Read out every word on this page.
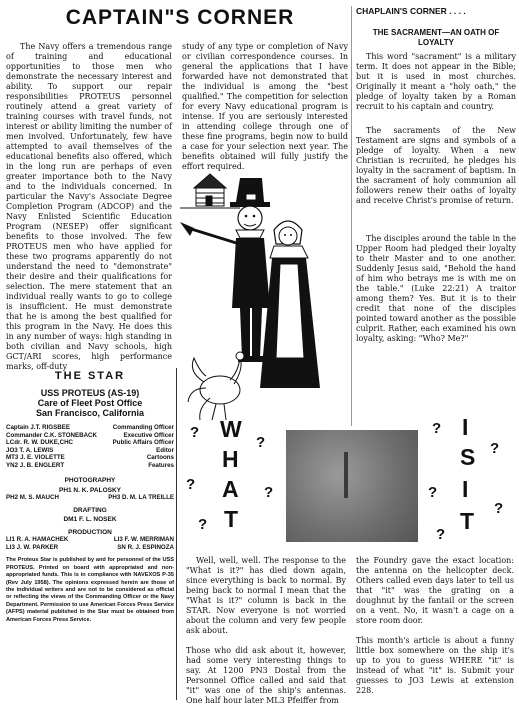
CAPTAIN"S CORNER

The Navy offers a tremendous range of training and educational opportunities to those men who demonstrate the necessary interest and ability. To support our repair responsibilities PROTEUS personnel routinely attend a great variety of training courses with travel funds, not interest or ability limiting the number of men involved. Unfortunately, few have attempted to avail themselves of the educational benefits also offered, which in the long run are perhaps of even greater importance both to the Navy and to the individuals concerned. In particular the Navy's Associate Degree Completion Program (ADCOP) and the Navy Enlisted Scientific Education Program (NESEP) offer significant benefits to those involved. The few PROTEUS men who have applied for these two programs apparently do not understand the need to "demonstrate" their desire and their qualifications for selection. The mere statement that an individual really wants to go to college is insufficient. He must demonstrate that he is among the best qualified for this program in the Navy. He does this in any number of ways: high standing in both civilian and Navy schools, high GCT/ARI scores, high performance marks, off-duty

study of any type or completion of Navy or civilian correspondence courses. In general the applications that I have forwarded have not demonstrated that the individual is among the "best qualified." The competition for selection for every Navy educational program is intense. If you are seriously interested in attending college through one of these fine programs, begin now to build a case for your selection next year. The benefits obtained will fully justify the effort required.

CHAPLAIN'S CORNER . . . .
THE SACRAMENT—AN OATH OF LOYALTY

This word "sacrament" is a military term. It does not appear in the Bible; but it is used in most churches. Originally it meant a "holy oath," the pledge of loyalty taken by a Roman recruit to his captain and country.

The sacraments of the New Testament are signs and symbols of a pledge of loyalty. When a new Christian is recruited, he pledges his loyalty in the sacrament of baptism. In the sacrament of holy communion all followers renew their oaths of loyalty and receive Christ's promise of return.

The disciples around the table in the Upper Room had pledged their loyalty to their Master and to one another. Suddenly Jesus said, "Behold the hand of him who betrays me is with me on the table." (Luke 22:21) A traitor among them? Yes. But it is to their credit that none of the disciples pointed toward another as the possible culprit. Rather, each examined his own loyalty, asking: "Who? Me?"

THE STAR
USS PROTEUS (AS-19)
Care of Fleet Post Office
San Francisco, California
Captain J.T. RIGSBEE	Commanding Officer
Commander C.K. STONEBACK	Executive Officer
LCdr. R. W. DUKE,CHC	Public Affairs Officer
JO3 T. A. LEWIS	Editor
MT3 J. E. VIOLETTE	Cartoons
YN2 J. B. ENGLERT	Features
PHOTOGRAPHY
PH1 N. K. PALOSKY
PH2 M. S. MAUCH	PH3 D. M. LA TREILLE
DRAFTING
DM1 F. L. NOSEK
PRODUCTION
LI1 R. A. HAMACHEK	LI3 F. W. MERRIMAN
LI3 J. W. PARKER	SN R. J. ESPINOZA

The Proteus Star is published by and for personnel of the USS PROTEUS. Printed on board with appropriated and non-appropriated funds. This is in compliance with NAVEXOS P-35 (Rev July 1958). The opinions expressed herein are those of the individual writers and are not to be considered as official or reflecting the views of the Commanding Officer or the Navy Department. Permission to use American Forces Press Service (AFPS) material published in the Star must be obtained from American Forces Press Service.

W
H
A
T
I
S
I
T
?
?
?	?
?
?
?
?
?
?

Well, well, well. The response to the "What is it?" has died down again, since everything is back to normal. By being back to normal I mean that the "What is it?" column is back in the STAR. Now everyone is not worried about the column and very few people ask about.

Those who did ask about it, however, had some very interesting things to say. At 1200 PN3 Dostal from the Personnel Office called and said that "it" was one of the ship's antennas. One half hour later ML3 Pfeiffer from

the Foundry gave the exact location: the antenna on the helicopter deck. Others called even days later to tell us that "it" was the grating on a doughnut by the fantail or the screen on a vent. No, it wasn't a cage on a store room door.

This month's article is about a funny little box somewhere on the ship it's up to you to guess WHERE "it" is instead of what "it" is. Submit your guesses to JO3 Lewis at extension 228.
